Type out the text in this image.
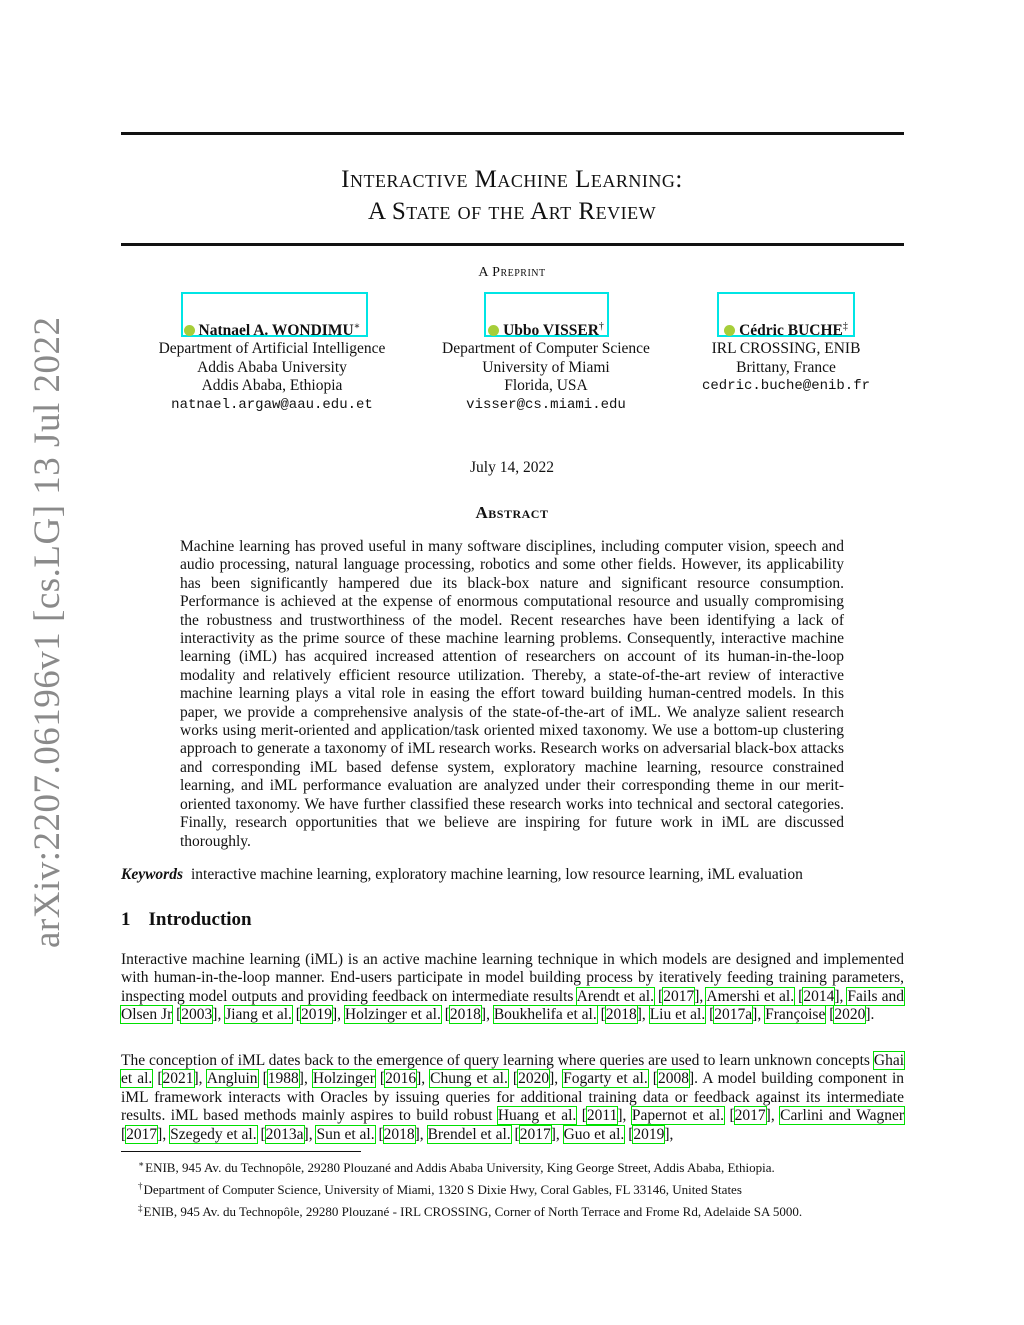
arXiv:2207.06196v1 [cs.LG] 13 Jul 2022
Interactive Machine Learning:
A State of the Art Review
A Preprint
Natnael A. WONDIMU∗
Department of Artificial Intelligence
Addis Ababa University
Addis Ababa, Ethiopia
natnael.argaw@aau.edu.et
Ubbo VISSER†
Department of Computer Science
University of Miami
Florida, USA
visser@cs.miami.edu
Cédric BUCHE‡
IRL CROSSING, ENIB
Brittany, France
cedric.buche@enib.fr
July 14, 2022
Abstract
Machine learning has proved useful in many software disciplines, including computer vision, speech and audio processing, natural language processing, robotics and some other fields. However, its applicability has been significantly hampered due its black-box nature and significant resource consumption. Performance is achieved at the expense of enormous computational resource and usually compromising the robustness and trustworthiness of the model. Recent researches have been identifying a lack of interactivity as the prime source of these machine learning problems. Consequently, interactive machine learning (iML) has acquired increased attention of researchers on account of its human-in-the-loop modality and relatively efficient resource utilization. Thereby, a state-of-the-art review of interactive machine learning plays a vital role in easing the effort toward building human-centred models. In this paper, we provide a comprehensive analysis of the state-of-the-art of iML. We analyze salient research works using merit-oriented and application/task oriented mixed taxonomy. We use a bottom-up clustering approach to generate a taxonomy of iML research works. Research works on adversarial black-box attacks and corresponding iML based defense system, exploratory machine learning, resource constrained learning, and iML performance evaluation are analyzed under their corresponding theme in our merit-oriented taxonomy. We have further classified these research works into technical and sectoral categories. Finally, research opportunities that we believe are inspiring for future work in iML are discussed thoroughly.
Keywords interactive machine learning, exploratory machine learning, low resource learning, iML evaluation
1 Introduction
Interactive machine learning (iML) is an active machine learning technique in which models are designed and implemented with human-in-the-loop manner. End-users participate in model building process by iteratively feeding training parameters, inspecting model outputs and providing feedback on intermediate results Arendt et al. [2017], Amershi et al. [2014], Fails and Olsen Jr [2003], Jiang et al. [2019], Holzinger et al. [2018], Boukhelifa et al. [2018], Liu et al. [2017a], Françoise [2020].
The conception of iML dates back to the emergence of query learning where queries are used to learn unknown concepts Ghai et al. [2021], Angluin [1988], Holzinger [2016], Chung et al. [2020], Fogarty et al. [2008]. A model building component in iML framework interacts with Oracles by issuing queries for additional training data or feedback against its intermediate results. iML based methods mainly aspires to build robust Huang et al. [2011], Papernot et al. [2017], Carlini and Wagner [2017], Szegedy et al. [2013a], Sun et al. [2018], Brendel et al. [2017], Guo et al. [2019],
∗ENIB, 945 Av. du Technopôle, 29280 Plouzané and Addis Ababa University, King George Street, Addis Ababa, Ethiopia.
†Department of Computer Science, University of Miami, 1320 S Dixie Hwy, Coral Gables, FL 33146, United States
‡ENIB, 945 Av. du Technopôle, 29280 Plouzané - IRL CROSSING, Corner of North Terrace and Frome Rd, Adelaide SA 5000.
